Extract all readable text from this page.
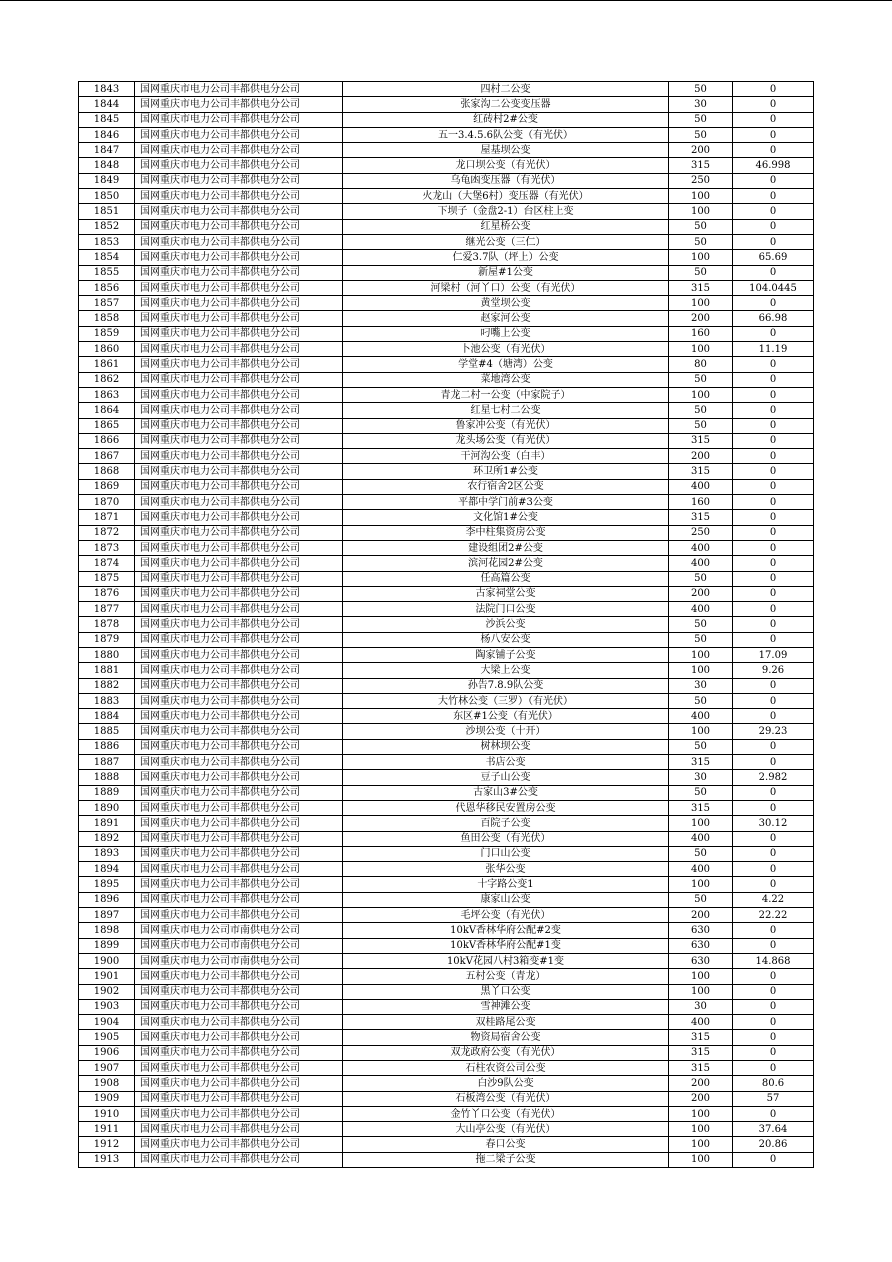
1843	国网重庆市电力公司丰都供电分公司	四村二公变	50	0
1844	国网重庆市电力公司丰都供电分公司	张家沟二公变变压器	30	0
1845	国网重庆市电力公司丰都供电分公司	红砖村2#公变	50	0
1846	国网重庆市电力公司丰都供电分公司	五一3.4.5.6队公变（有光伏）	50	0
1847	国网重庆市电力公司丰都供电分公司	屋基坝公变	200	0
1848	国网重庆市电力公司丰都供电分公司	龙口坝公变（有光伏）	315	46.998
1849	国网重庆市电力公司丰都供电分公司	乌龟凼变压器（有光伏）	250	0
1850	国网重庆市电力公司丰都供电分公司	火龙山（大堡6村）变压器（有光伏）	100	0
1851	国网重庆市电力公司丰都供电分公司	下坝子（金盘2-1）台区柱上变	100	0
1852	国网重庆市电力公司丰都供电分公司	红星桥公变	50	0
1853	国网重庆市电力公司丰都供电分公司	继光公变（三仁）	50	0
1854	国网重庆市电力公司丰都供电分公司	仁爱3.7队（坪上）公变	100	65.69
1855	国网重庆市电力公司丰都供电分公司	新屋#1公变	50	0
1856	国网重庆市电力公司丰都供电分公司	河梁村（河丫口）公变（有光伏）	315	104.0445
1857	国网重庆市电力公司丰都供电分公司	黄堂坝公变	100	0
1858	国网重庆市电力公司丰都供电分公司	赵家河公变	200	66.98
1859	国网重庆市电力公司丰都供电分公司	叼嘴上公变	160	0
1860	国网重庆市电力公司丰都供电分公司	卜池公变（有光伏）	100	11.19
1861	国网重庆市电力公司丰都供电分公司	学堂#4（塘湾）公变	80	0
1862	国网重庆市电力公司丰都供电分公司	菜地湾公变	50	0
1863	国网重庆市电力公司丰都供电分公司	青龙二村一公变（中家院子）	100	0
1864	国网重庆市电力公司丰都供电分公司	红星七村二公变	50	0
1865	国网重庆市电力公司丰都供电分公司	鲁家冲公变（有光伏）	50	0
1866	国网重庆市电力公司丰都供电分公司	龙头场公变（有光伏）	315	0
1867	国网重庆市电力公司丰都供电分公司	干河沟公变（白丰）	200	0
1868	国网重庆市电力公司丰都供电分公司	环卫所1#公变	315	0
1869	国网重庆市电力公司丰都供电分公司	农行宿舍2区公变	400	0
1870	国网重庆市电力公司丰都供电分公司	平都中学门前#3公变	160	0
1871	国网重庆市电力公司丰都供电分公司	文化馆1#公变	315	0
1872	国网重庆市电力公司丰都供电分公司	李中柱集资房公变	250	0
1873	国网重庆市电力公司丰都供电分公司	建设组团2#公变	400	0
1874	国网重庆市电力公司丰都供电分公司	滨河花园2#公变	400	0
1875	国网重庆市电力公司丰都供电分公司	任高篇公变	50	0
1876	国网重庆市电力公司丰都供电分公司	古家祠堂公变	200	0
1877	国网重庆市电力公司丰都供电分公司	法院门口公变	400	0
1878	国网重庆市电力公司丰都供电分公司	沙浜公变	50	0
1879	国网重庆市电力公司丰都供电分公司	杨八安公变	50	0
1880	国网重庆市电力公司丰都供电分公司	陶家铺子公变	100	17.09
1881	国网重庆市电力公司丰都供电分公司	大梁上公变	100	9.26
1882	国网重庆市电力公司丰都供电分公司	孙告7.8.9队公变	30	0
1883	国网重庆市电力公司丰都供电分公司	大竹林公变（三罗）（有光伏）	50	0
1884	国网重庆市电力公司丰都供电分公司	东区#1公变（有光伏）	400	0
1885	国网重庆市电力公司丰都供电分公司	沙坝公变（十开）	100	29.23
1886	国网重庆市电力公司丰都供电分公司	树林坝公变	50	0
1887	国网重庆市电力公司丰都供电分公司	书店公变	315	0
1888	国网重庆市电力公司丰都供电分公司	豆子山公变	30	2.982
1889	国网重庆市电力公司丰都供电分公司	古家山3#公变	50	0
1890	国网重庆市电力公司丰都供电分公司	代恩华移民安置房公变	315	0
1891	国网重庆市电力公司丰都供电分公司	百院子公变	100	30.12
1892	国网重庆市电力公司丰都供电分公司	鱼田公变（有光伏）	400	0
1893	国网重庆市电力公司丰都供电分公司	门口山公变	50	0
1894	国网重庆市电力公司丰都供电分公司	张华公变	400	0
1895	国网重庆市电力公司丰都供电分公司	十字路公变1	100	0
1896	国网重庆市电力公司丰都供电分公司	康家山公变	50	4.22
1897	国网重庆市电力公司丰都供电分公司	毛坪公变（有光伏）	200	22.22
1898	国网重庆市电力公司市南供电分公司	10kV香林华府公配#2变	630	0
1899	国网重庆市电力公司市南供电分公司	10kV香林华府公配#1变	630	0
1900	国网重庆市电力公司市南供电分公司	10kV花园八村3箱变#1变	630	14.868
1901	国网重庆市电力公司丰都供电分公司	五村公变（青龙）	100	0
1902	国网重庆市电力公司丰都供电分公司	黑丫口公变	100	0
1903	国网重庆市电力公司丰都供电分公司	雪神滩公变	30	0
1904	国网重庆市电力公司丰都供电分公司	双桂路尾公变	400	0
1905	国网重庆市电力公司丰都供电分公司	物资局宿舍公变	315	0
1906	国网重庆市电力公司丰都供电分公司	双龙政府公变（有光伏）	315	0
1907	国网重庆市电力公司丰都供电分公司	石柱农资公司公变	315	0
1908	国网重庆市电力公司丰都供电分公司	白沙9队公变	200	80.6
1909	国网重庆市电力公司丰都供电分公司	石板湾公变（有光伏）	200	57
1910	国网重庆市电力公司丰都供电分公司	金竹丫口公变（有光伏）	100	0
1911	国网重庆市电力公司丰都供电分公司	大山亭公变（有光伏）	100	37.64
1912	国网重庆市电力公司丰都供电分公司	春口公变	100	20.86
1913	国网重庆市电力公司丰都供电分公司	拖二梁子公变	100	0
